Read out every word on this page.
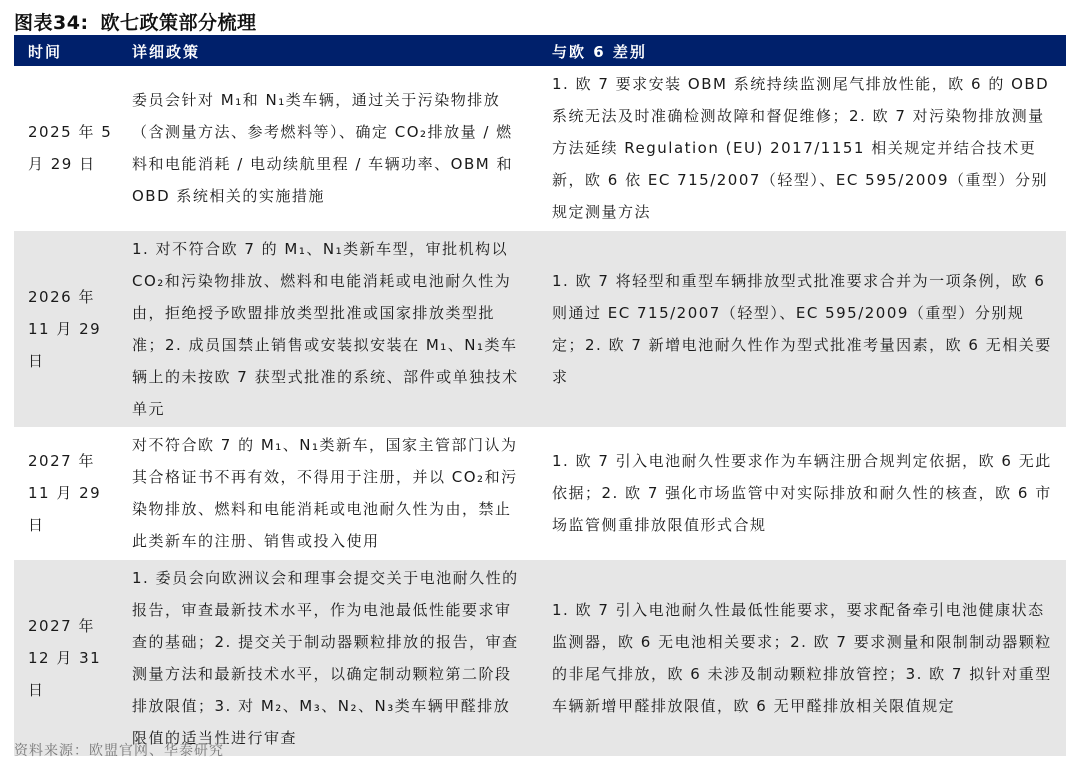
图表34: 欧七政策部分梳理
时间	详细政策	与欧 6 差别
2025 年 5 月 29 日	委员会针对 M₁和 N₁类车辆，通过关于污染物排放（含测量方法、参考燃料等）、确定 CO₂排放量 / 燃料和电能消耗 / 电动续航里程 / 车辆功率、OBM 和 OBD 系统相关的实施措施	1. 欧 7 要求安装 OBM 系统持续监测尾气排放性能，欧 6 的 OBD 系统无法及时准确检测故障和督促维修；2. 欧 7 对污染物排放测量方法延续 Regulation (EU) 2017/1151 相关规定并结合技术更新，欧 6 依 EC 715/2007（轻型）、EC 595/2009（重型）分别规定测量方法
2026 年 11 月 29 日	1. 对不符合欧 7 的 M₁、N₁类新车型，审批机构以 CO₂和污染物排放、燃料和电能消耗或电池耐久性为由，拒绝授予欧盟排放类型批准或国家排放类型批准；2. 成员国禁止销售或安装拟安装在 M₁、N₁类车辆上的未按欧 7 获型式批准的系统、部件或单独技术单元	1. 欧 7 将轻型和重型车辆排放型式批准要求合并为一项条例，欧 6 则通过 EC 715/2007（轻型）、EC 595/2009（重型）分别规定；2. 欧 7 新增电池耐久性作为型式批准考量因素，欧 6 无相关要求
2027 年 11 月 29 日	对不符合欧 7 的 M₁、N₁类新车，国家主管部门认为其合格证书不再有效，不得用于注册，并以 CO₂和污染物排放、燃料和电能消耗或电池耐久性为由，禁止此类新车的注册、销售或投入使用	1. 欧 7 引入电池耐久性要求作为车辆注册合规判定依据，欧 6 无此依据；2. 欧 7 强化市场监管中对实际排放和耐久性的核查，欧 6 市场监管侧重排放限值形式合规
2027 年 12 月 31 日	1. 委员会向欧洲议会和理事会提交关于电池耐久性的报告，审查最新技术水平，作为电池最低性能要求审查的基础；2. 提交关于制动器颗粒排放的报告，审查测量方法和最新技术水平，以确定制动颗粒第二阶段排放限值；3. 对 M₂、M₃、N₂、N₃类车辆甲醛排放限值的适当性进行审查	1. 欧 7 引入电池耐久性最低性能要求，要求配备牵引电池健康状态监测器，欧 6 无电池相关要求；2. 欧 7 要求测量和限制制动器颗粒的非尾气排放，欧 6 未涉及制动颗粒排放管控；3. 欧 7 拟针对重型车辆新增甲醛排放限值，欧 6 无甲醛排放相关限值规定
资料来源：欧盟官网、华泰研究
